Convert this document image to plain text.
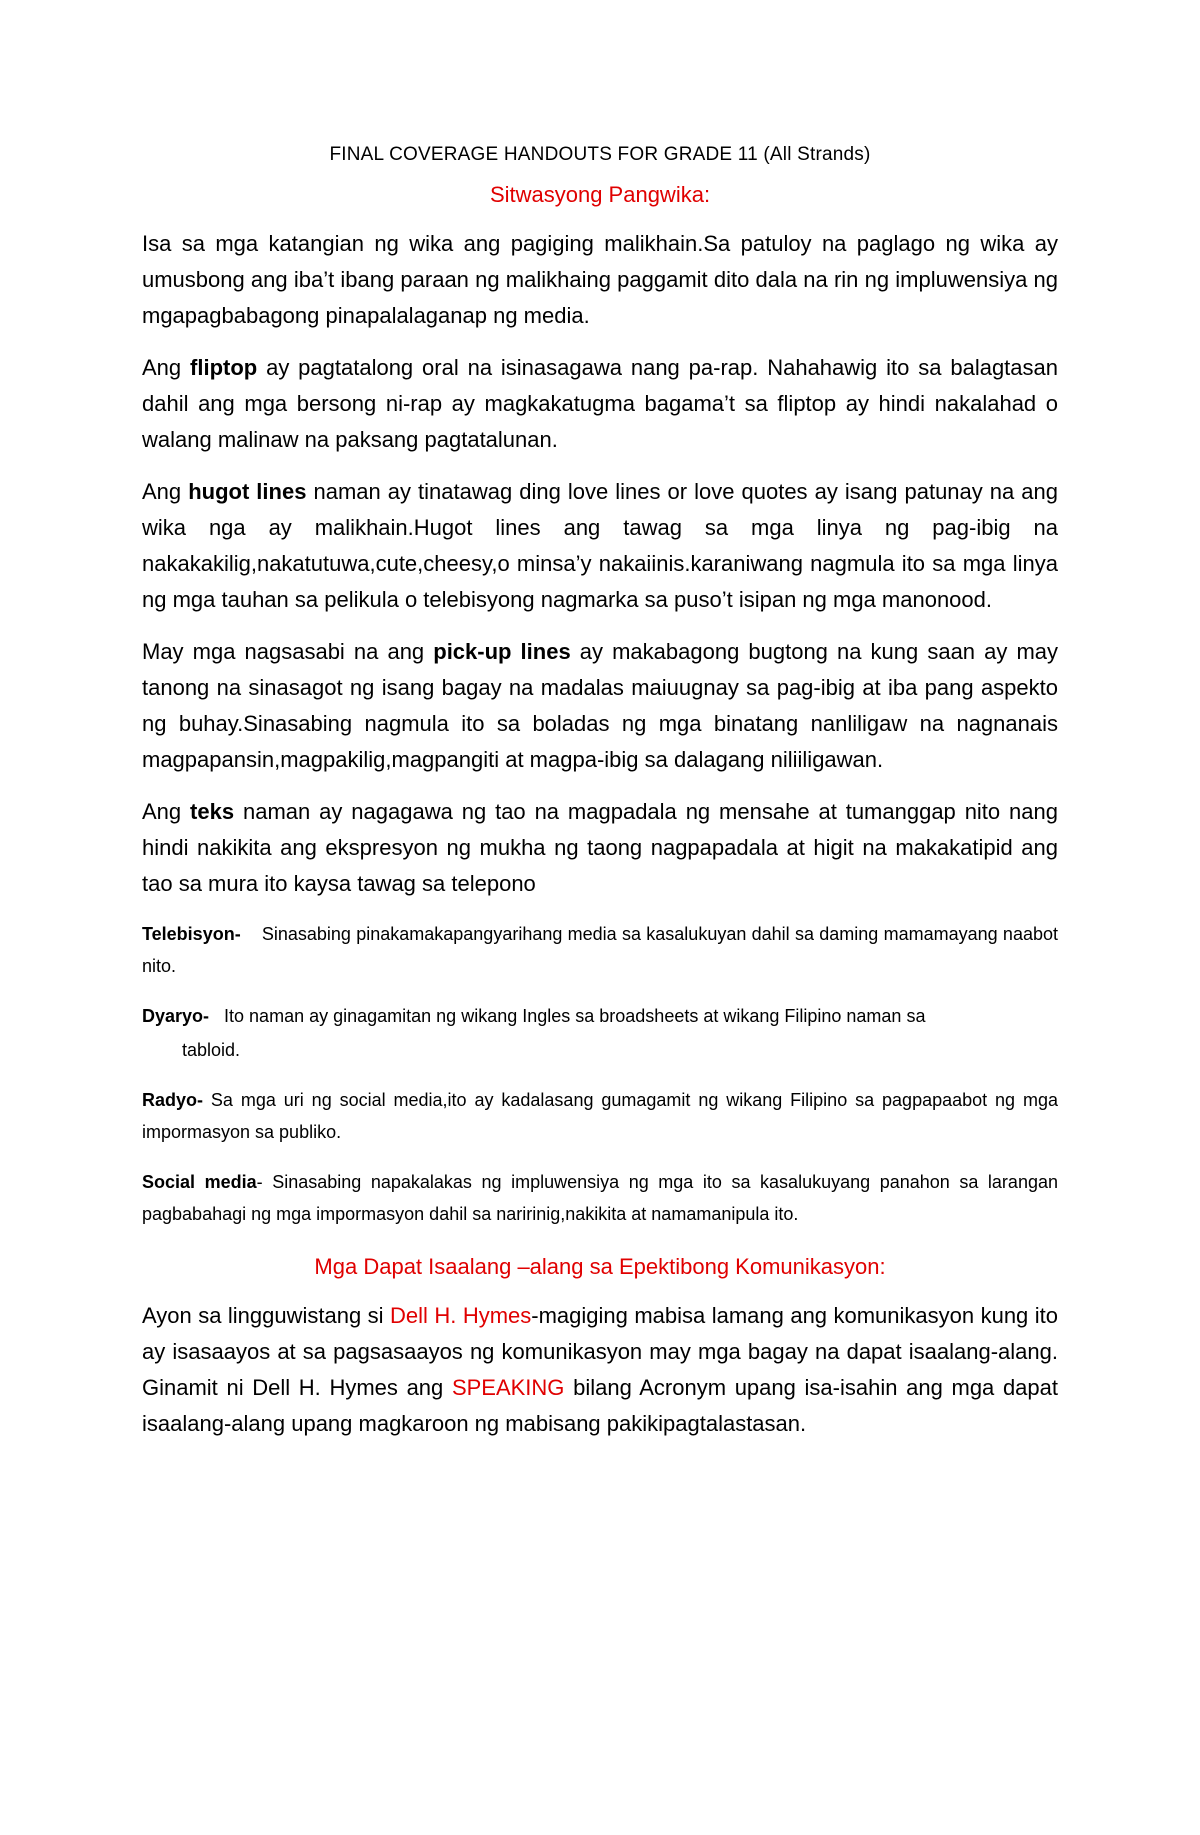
FINAL COVERAGE HANDOUTS FOR GRADE 11 (All Strands)
Sitwasyong Pangwika:

Isa sa mga katangian ng wika ang pagiging malikhain.Sa patuloy na paglago ng wika ay umusbong ang iba’t ibang paraan ng malikhaing paggamit dito dala na rin ng impluwensiya ng mgapagbabagong pinapalalaganap ng media.

Ang fliptop ay pagtatalong oral na isinasagawa nang pa-rap. Nahahawig ito sa balagtasan dahil ang mga bersong ni-rap ay magkakatugma bagama’t sa fliptop ay hindi nakalahad o walang malinaw na paksang pagtatalunan.

Ang hugot lines naman ay tinatawag ding love lines or love quotes ay isang patunay na ang wika nga ay malikhain.Hugot lines ang tawag sa mga linya ng pag-ibig na nakakakilig,nakatutuwa,cute,cheesy,o minsa’y nakaiinis.karaniwang nagmula ito sa mga linya ng mga tauhan sa pelikula o telebisyong nagmarka sa puso’t isipan ng mga manonood.

May mga nagsasabi na ang pick-up lines ay makabagong bugtong na kung saan ay may tanong na sinasagot ng isang bagay na madalas maiuugnay sa pag-ibig at iba pang aspekto ng buhay.Sinasabing nagmula ito sa boladas ng mga binatang nanliligaw na nagnanais magpapansin,magpakilig,magpangiti at magpa-ibig sa dalagang niliiligawan.

Ang teks naman ay nagagawa ng tao na magpadala ng mensahe at tumanggap nito nang hindi nakikita ang ekspresyon ng mukha ng taong nagpapadala at higit na makakatipid ang tao sa mura ito kaysa tawag sa telepono

Telebisyon-    Sinasabing pinakamakapangyarihang media sa kasalukuyan dahil sa daming mamamayang naabot nito.

Dyaryo-   Ito naman ay ginagamitan ng wikang Ingles sa broadsheets at wikang Filipino naman sa

tabloid.

Radyo- Sa mga uri ng social media,ito ay kadalasang gumagamit ng wikang Filipino sa pagpapaabot ng mga impormasyon sa publiko.

Social media- Sinasabing napakalakas ng impluwensiya ng mga ito sa kasalukuyang panahon sa larangan pagbabahagi ng mga impormasyon dahil sa naririnig,nakikita at namamanipula ito.

Mga Dapat Isaalang –alang sa Epektibong Komunikasyon:

Ayon sa lingguwistang si Dell H. Hymes-magiging mabisa lamang ang komunikasyon kung ito ay isasaayos at sa pagsasaayos ng komunikasyon may mga bagay na dapat isaalang-alang. Ginamit ni Dell H. Hymes ang SPEAKING bilang Acronym upang isa-isahin ang mga dapat isaalang-alang upang magkaroon ng mabisang pakikipagtalastasan.
